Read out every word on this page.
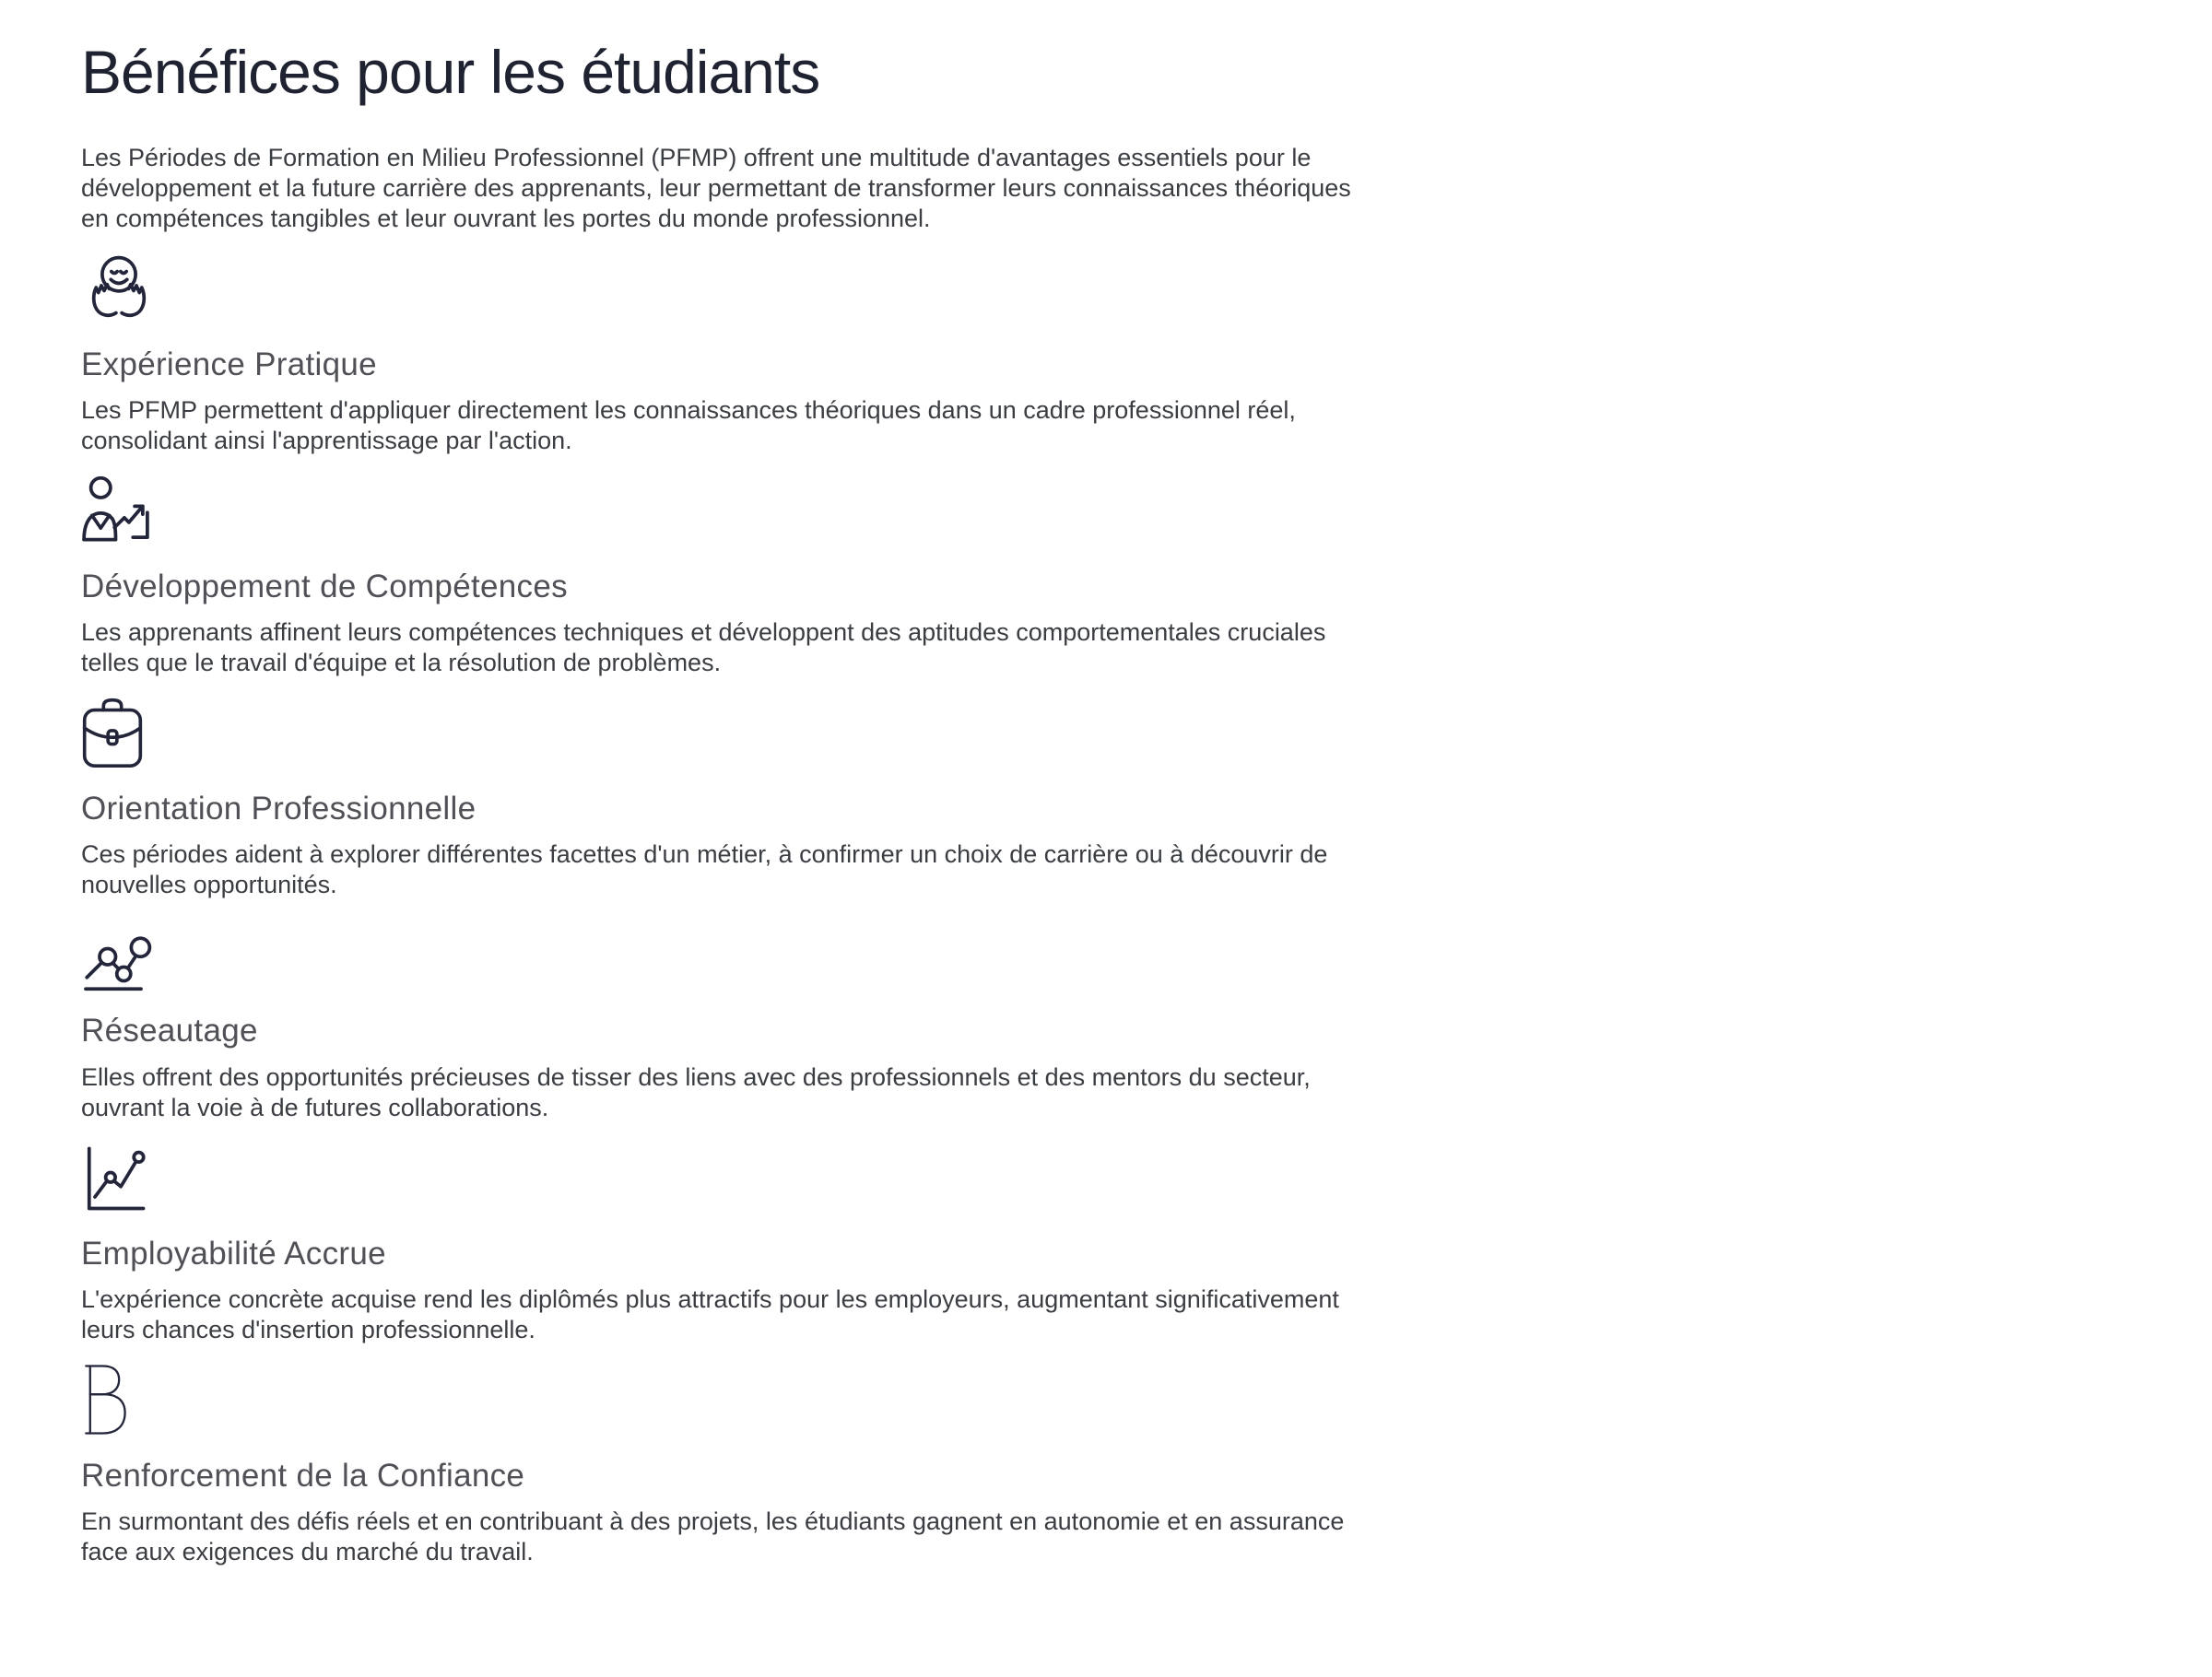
Bénéfices pour les étudiants

Les Périodes de Formation en Milieu Professionnel (PFMP) offrent une multitude d'avantages essentiels pour le développement et la future carrière des apprenants, leur permettant de transformer leurs connaissances théoriques en compétences tangibles et leur ouvrant les portes du monde professionnel.

Expérience Pratique

Les PFMP permettent d'appliquer directement les connaissances théoriques dans un cadre professionnel réel, consolidant ainsi l'apprentissage par l'action.

Développement de Compétences

Les apprenants affinent leurs compétences techniques et développent des aptitudes comportementales cruciales telles que le travail d'équipe et la résolution de problèmes.

Orientation Professionnelle

Ces périodes aident à explorer différentes facettes d'un métier, à confirmer un choix de carrière ou à découvrir de nouvelles opportunités.

Réseautage

Elles offrent des opportunités précieuses de tisser des liens avec des professionnels et des mentors du secteur, ouvrant la voie à de futures collaborations.

Employabilité Accrue

L'expérience concrète acquise rend les diplômés plus attractifs pour les employeurs, augmentant significativement leurs chances d'insertion professionnelle.

Renforcement de la Confiance

En surmontant des défis réels et en contribuant à des projets, les étudiants gagnent en autonomie et en assurance face aux exigences du marché du travail.
